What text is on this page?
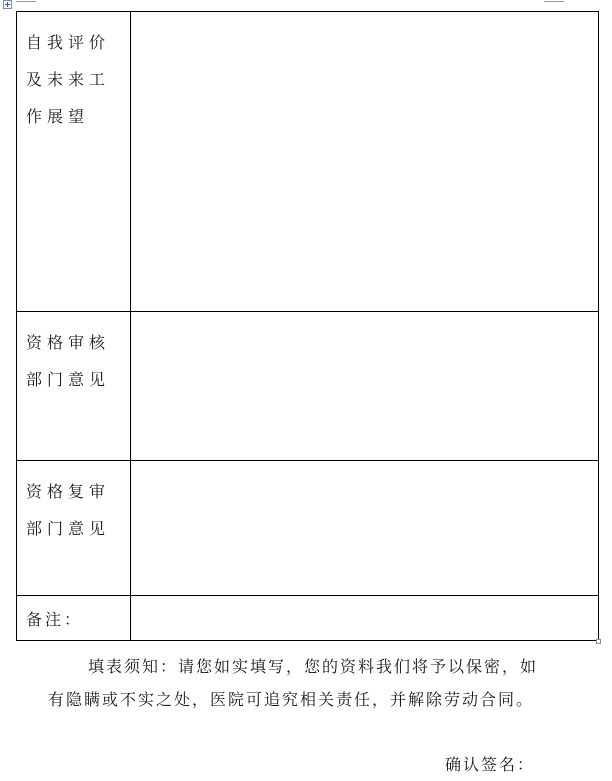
自我评价及未来工作展望	
资格审核部门意见	
资格复审部门意见	
备注：	
填表须知：请您如实填写，您的资料我们将予以保密，如有隐瞒或不实之处，医院可追究相关责任，并解除劳动合同。
确认签名：
